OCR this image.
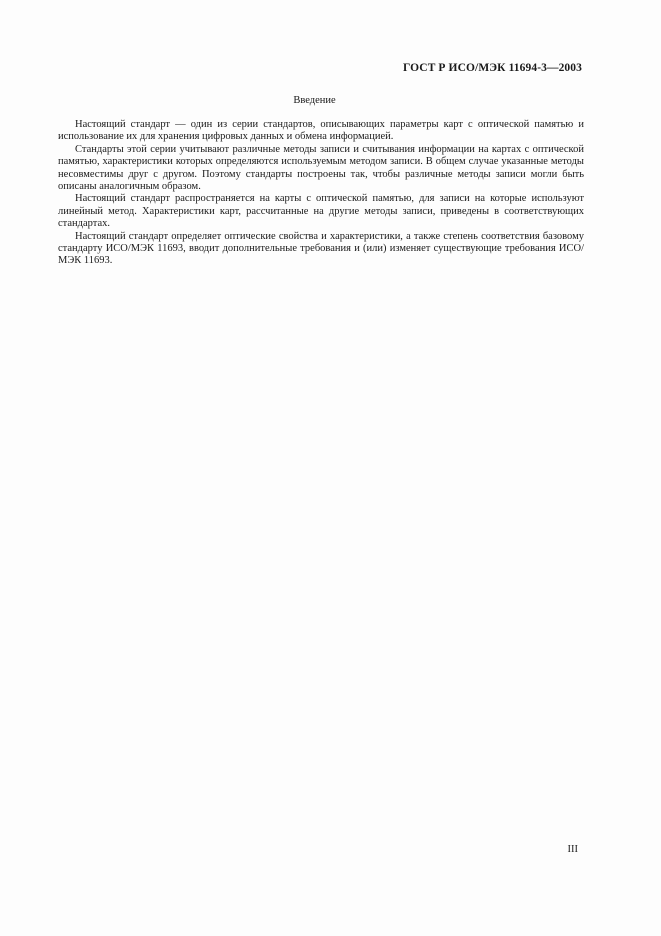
ГОСТ Р ИСО/МЭК 11694-3—2003
Введение

Настоящий стандарт — один из серии стандартов, описывающих параметры карт с оптической памятью и использование их для хранения цифровых данных и обмена информацией.

Стандарты этой серии учитывают различные методы записи и считывания информации на картах с оптической памятью, характеристики которых определяются используемым методом записи. В общем случае указанные методы несовместимы друг с другом. Поэтому стандарты построены так, чтобы различные методы записи могли быть описаны аналогичным образом.

Настоящий стандарт распространяется на карты с оптической памятью, для записи на которые используют линейный метод. Характеристики карт, рассчитанные на другие методы записи, приведены в соответствующих стандартах.

Настоящий стандарт определяет оптические свойства и характеристики, а также степень соответствия базовому стандарту ИСО/МЭК 11693, вводит дополнительные требования и (или) изменяет существующие требования ИСО/МЭК 11693.

III
